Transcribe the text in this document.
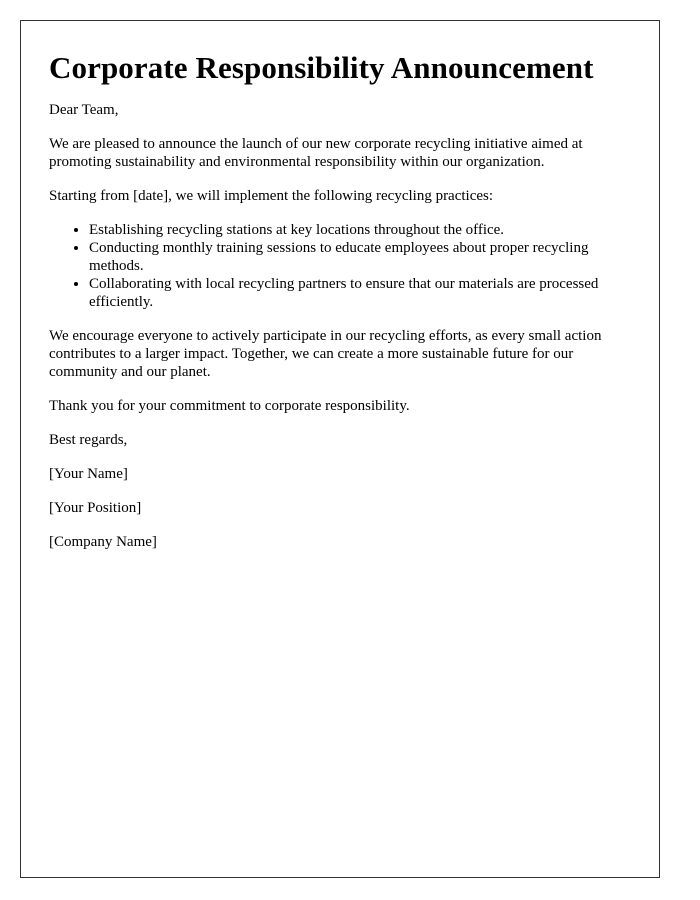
Corporate Responsibility Announcement

Dear Team,

We are pleased to announce the launch of our new corporate recycling initiative aimed at promoting sustainability and environmental responsibility within our organization.

Starting from [date], we will implement the following recycling practices:

• Establishing recycling stations at key locations throughout the office.
• Conducting monthly training sessions to educate employees about proper recycling methods.
• Collaborating with local recycling partners to ensure that our materials are processed efficiently.

We encourage everyone to actively participate in our recycling efforts, as every small action contributes to a larger impact. Together, we can create a more sustainable future for our community and our planet.

Thank you for your commitment to corporate responsibility.

Best regards,

[Your Name]

[Your Position]

[Company Name]
